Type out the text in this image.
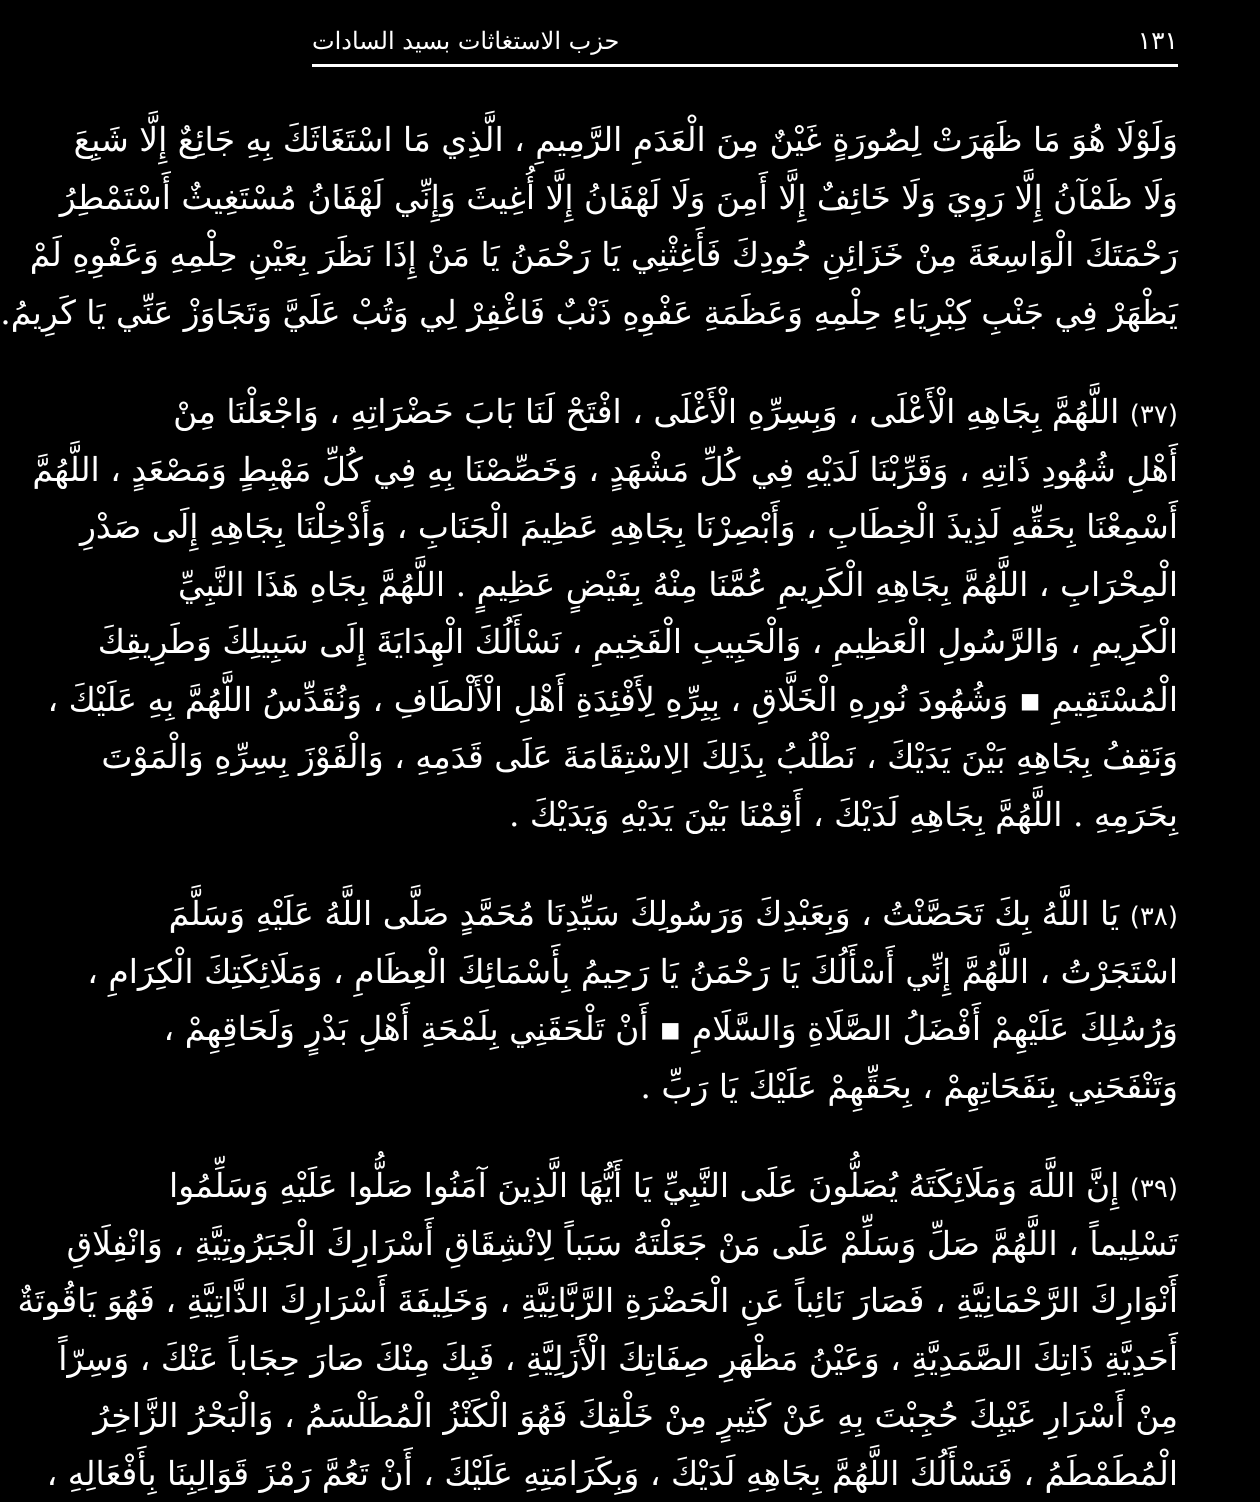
١٣١
حزب الاستغاثات بسيد السادات
وَلَوْلَا هُوَ مَا ظَهَرَتْ لِصُورَةٍ غَيْنٌ مِنَ الْعَدَمِ الرَّمِيمِ ، الَّذِي مَا اسْتَغَاثَكَ بِهِ جَائِعٌ إِلَّا شَبِعَ
وَلَا ظَمْآنُ إِلَّا رَوِيَ وَلَا خَائِفٌ إِلَّا أَمِنَ وَلَا لَهْفَانُ إِلَّا أُغِيثَ وَإِنِّي لَهْفَانُ مُسْتَغِيثٌ أَسْتَمْطِرُ
رَحْمَتَكَ الْوَاسِعَةَ مِنْ خَزَائِنِ جُودِكَ فَأَغِثْنِي يَا رَحْمَنُ يَا مَنْ إِذَا نَظَرَ بِعَيْنِ حِلْمِهِ وَعَفْوِهِ لَمْ
يَظْهَرْ فِي جَنْبِ كِبْرِيَاءِ حِلْمِهِ وَعَظَمَةِ عَفْوِهِ ذَنْبٌ فَاغْفِرْ لِي وَتُبْ عَلَيَّ وَتَجَاوَزْ عَنِّي يَا كَرِيمُ.
(٣٧) اللَّهُمَّ بِجَاهِهِ الْأَعْلَى ، وَبِسِرِّهِ الْأَغْلَى ، افْتَحْ لَنَا بَابَ حَضْرَاتِهِ ، وَاجْعَلْنَا مِنْ
أَهْلِ شُهُودِ ذَاتِهِ ، وَقَرِّبْنَا لَدَيْهِ فِي كُلِّ مَشْهَدٍ ، وَخَصِّصْنَا بِهِ فِي كُلِّ مَهْبِطٍ وَمَصْعَدٍ ، اللَّهُمَّ
أَسْمِعْنَا بِحَقِّهِ لَذِيذَ الْخِطَابِ ، وَأَبْصِرْنَا بِجَاهِهِ عَظِيمَ الْجَنَابِ ، وَأَدْخِلْنَا بِجَاهِهِ إِلَى صَدْرِ
الْمِحْرَابِ ، اللَّهُمَّ بِجَاهِهِ الْكَرِيمِ عُمَّنَا مِنْهُ بِفَيْضٍ عَظِيمٍ . اللَّهُمَّ بِجَاهِ هَذَا النَّبِيِّ
الْكَرِيمِ ، وَالرَّسُولِ الْعَظِيمِ ، وَالْحَبِيبِ الْفَخِيمِ ، نَسْأَلُكَ الْهِدَايَةَ إِلَى سَبِيلِكَ وَطَرِيقِكَ
الْمُسْتَقِيمِ ▪ وَشُهُودَ نُورِهِ الْخَلَّاقِ ، بِبِرِّهِ لِأَفْئِدَةِ أَهْلِ الْأَلْطَافِ ، وَنُقَدِّسُ اللَّهُمَّ بِهِ عَلَيْكَ ،
وَنَقِفُ بِجَاهِهِ بَيْنَ يَدَيْكَ ، نَطْلُبُ بِذَلِكَ الِاسْتِقَامَةَ عَلَى قَدَمِهِ ، وَالْفَوْزَ بِسِرِّهِ وَالْمَوْتَ
بِحَرَمِهِ . اللَّهُمَّ بِجَاهِهِ لَدَيْكَ ، أَقِمْنَا بَيْنَ يَدَيْهِ وَيَدَيْكَ .
(٣٨) يَا اللَّهُ بِكَ تَحَصَّنْتُ ، وَبِعَبْدِكَ وَرَسُولِكَ سَيِّدِنَا مُحَمَّدٍ صَلَّى اللَّهُ عَلَيْهِ وَسَلَّمَ
اسْتَجَرْتُ ، اللَّهُمَّ إِنِّي أَسْأَلُكَ يَا رَحْمَنُ يَا رَحِيمُ بِأَسْمَائِكَ الْعِظَامِ ، وَمَلَائِكَتِكَ الْكِرَامِ ،
وَرُسُلِكَ عَلَيْهِمْ أَفْضَلُ الصَّلَاةِ وَالسَّلَامِ ▪ أَنْ تَلْحَقَنِي بِلَمْحَةِ أَهْلِ بَدْرٍ وَلَحَاقِهِمْ ،
وَتَنْفَحَنِي بِنَفَحَاتِهِمْ ، بِحَقِّهِمْ عَلَيْكَ يَا رَبِّ .
(٣٩) إِنَّ اللَّهَ وَمَلَائِكَتَهُ يُصَلُّونَ عَلَى النَّبِيِّ يَا أَيُّهَا الَّذِينَ آمَنُوا صَلُّوا عَلَيْهِ وَسَلِّمُوا
تَسْلِيماً ، اللَّهُمَّ صَلِّ وَسَلِّمْ عَلَى مَنْ جَعَلْتَهُ سَبَباً لِانْشِقَاقِ أَسْرَارِكَ الْجَبَرُوتِيَّةِ ، وَانْفِلَاقِ
أَنْوَارِكَ الرَّحْمَانِيَّةِ ، فَصَارَ نَائِباً عَنِ الْحَضْرَةِ الرَّبَّانِيَّةِ ، وَخَلِيفَةَ أَسْرَارِكَ الذَّاتِيَّةِ ، فَهُوَ يَاقُوتَةٌ
أَحَدِيَّةِ ذَاتِكَ الصَّمَدِيَّةِ ، وَعَيْنُ مَظْهَرِ صِفَاتِكَ الْأَزَلِيَّةِ ، فَبِكَ مِنْكَ صَارَ حِجَاباً عَنْكَ ، وَسِرّاً
مِنْ أَسْرَارِ غَيْبِكَ حُجِبْتَ بِهِ عَنْ كَثِيرٍ مِنْ خَلْقِكَ فَهُوَ الْكَنْزُ الْمُطَلْسَمُ ، وَالْبَحْرُ الزَّاخِرُ
الْمُطَمْطَمُ ، فَنَسْأَلُكَ اللَّهُمَّ بِجَاهِهِ لَدَيْكَ ، وَبِكَرَامَتِهِ عَلَيْكَ ، أَنْ تَعُمَّ رَمْزَ قَوَالِبِنَا بِأَفْعَالِهِ ،
